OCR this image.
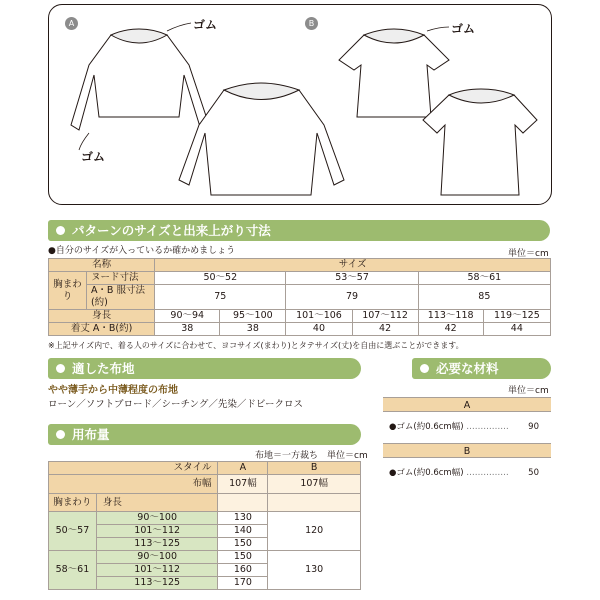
A	B
ゴム	ゴム
ゴム
パターンのサイズと出来上がり寸法
●自分のサイズが入っているか確かめましょう	単位＝cm
名称		サイズ					
胸まわり	ヌード寸法	50〜52		53〜57		58〜61	
	A・B 服寸法(約)	75		79		85	
身長		90〜94	95〜100	101〜106	107〜112	113〜118	119〜125
着丈 A・B(約)		38	38	40	42	42	44
※上記サイズ内で、着る人のサイズに合わせて、ヨコサイズ(まわり)とタテサイズ(丈)を自由に選ぶことができます。
適した布地
やや薄手から中薄程度の布地
ローン／ソフトブロード／シーチング／先染／ドビークロス
用布量
布地＝一方裁ち　単位＝cm
スタイル		A	B
布幅		107幅	107幅
胸まわり	身長		
50〜57	90〜100	130	120
	101〜112	140	
	113〜125	150	
58〜61	90〜100	150	130
	101〜112	160	
	113〜125	170	
必要な材料
単位＝cm
A
●ゴム(約0.6cm幅) …………… 90
B
●ゴム(約0.6cm幅) …………… 50
